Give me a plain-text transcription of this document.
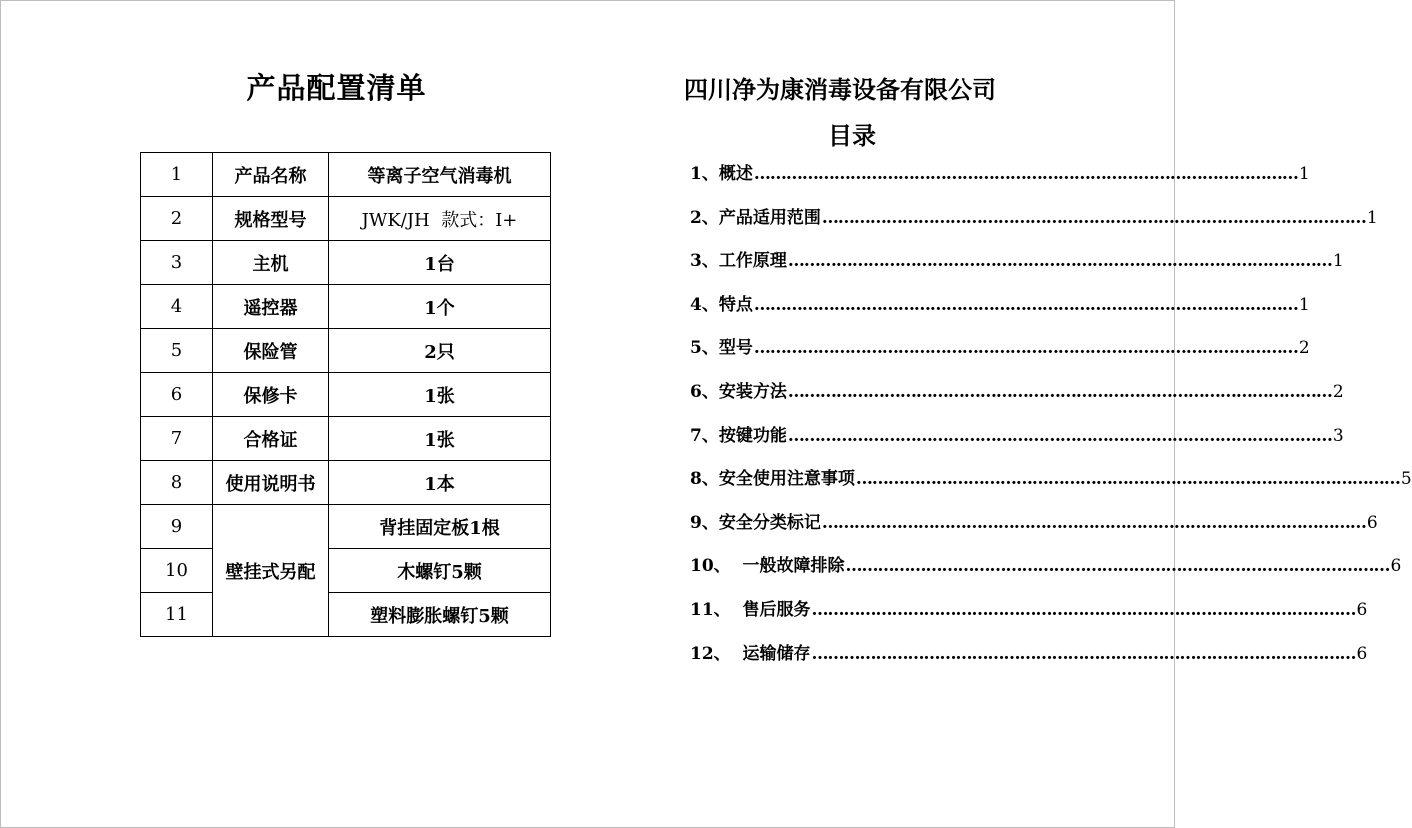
产品配置清单
1	产品名称	等离子空气消毒机
2	规格型号	JWK/JH  款式：I+
3	主机	1台
4	遥控器	1个
5	保险管	2只
6	保修卡	1张
7	合格证	1张
8	使用说明书	1本
9	壁挂式另配	背挂固定板1根
10		木螺钉5颗
11		塑料膨胀螺钉5颗
四川净为康消毒设备有限公司
目录
1、 概述 ………………………………………………………………………………………… 1
2、 产品适用范围 ………………………………………………………………………………………… 1
3、 工作原理 ………………………………………………………………………………………… 1
4、 特点 ………………………………………………………………………………………… 1
5、 型号 ………………………………………………………………………………………… 2
6、 安装方法 ………………………………………………………………………………………… 2
7、 按键功能 ………………………………………………………………………………………… 3
8、 安全使用注意事项 ………………………………………………………………………………………… 5
9、 安全分类标记 ………………………………………………………………………………………… 6
10、 一般故障排除 ………………………………………………………………………………………… 6
11、 售后服务 ………………………………………………………………………………………… 6
12、 运输储存 ………………………………………………………………………………………… 6
